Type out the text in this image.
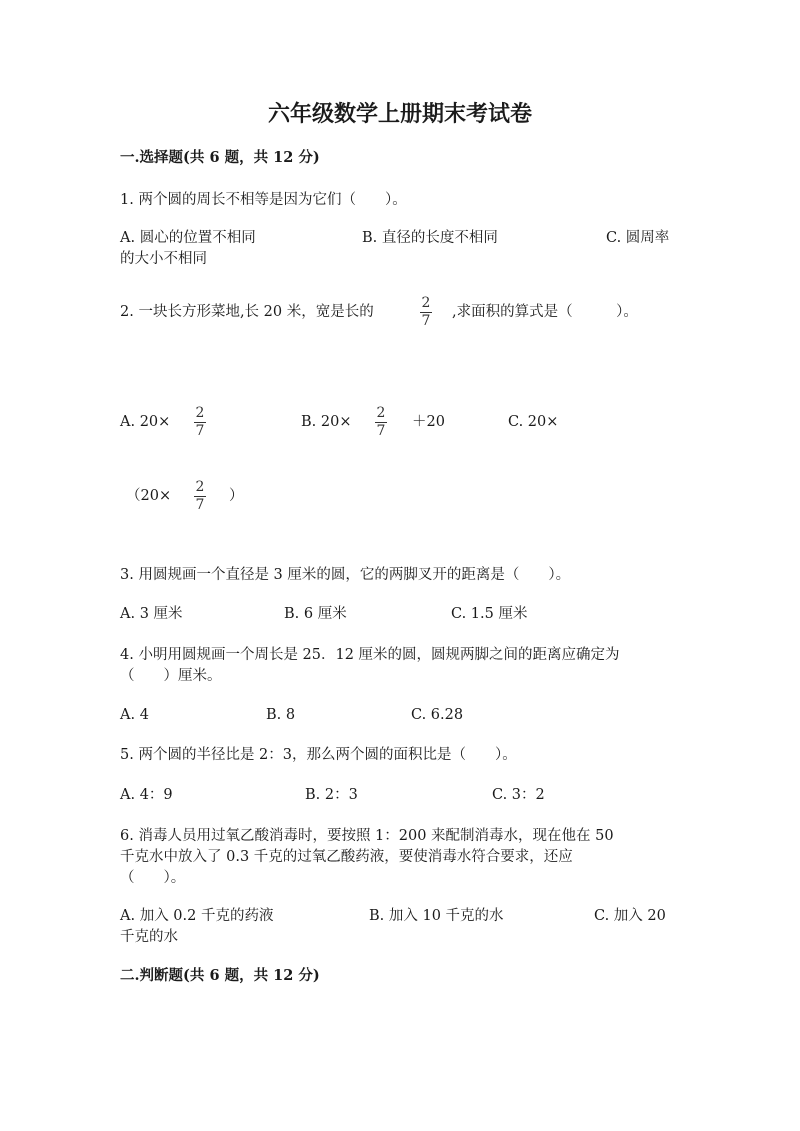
六年级数学上册期末考试卷
一.选择题(共 6 题，共 12 分)
1. 两个圆的周长不相等是因为它们（　　）。
A. 圆心的位置不相同	B. 直径的长度不相同	C. 圆周率
的大小不相同
2. 一块长方形菜地,长 20 米，宽是长的
2
7
,求面积的算式是（　　　）。
A. 20×
2
7
B. 20×
2
7
＋20	C. 20×
（20×
2
7
）
3. 用圆规画一个直径是 3 厘米的圆，它的两脚叉开的距离是（　　）。
A. 3 厘米	B. 6 厘米	C. 1.5 厘米
4. 小明用圆规画一个周长是 25．12 厘米的圆，圆规两脚之间的距离应确定为
（　　）厘米。
A. 4	B. 8	C. 6.28
5. 两个圆的半径比是 2：3，那么两个圆的面积比是（　　）。
A. 4：9	B. 2：3	C. 3：2
6. 消毒人员用过氧乙酸消毒时，要按照 1：200 来配制消毒水，现在他在 50
千克水中放入了 0.3 千克的过氧乙酸药液，要使消毒水符合要求，还应
（　　）。
A. 加入 0.2 千克的药液	B. 加入 10 千克的水	C. 加入 20
千克的水
二.判断题(共 6 题，共 12 分)
